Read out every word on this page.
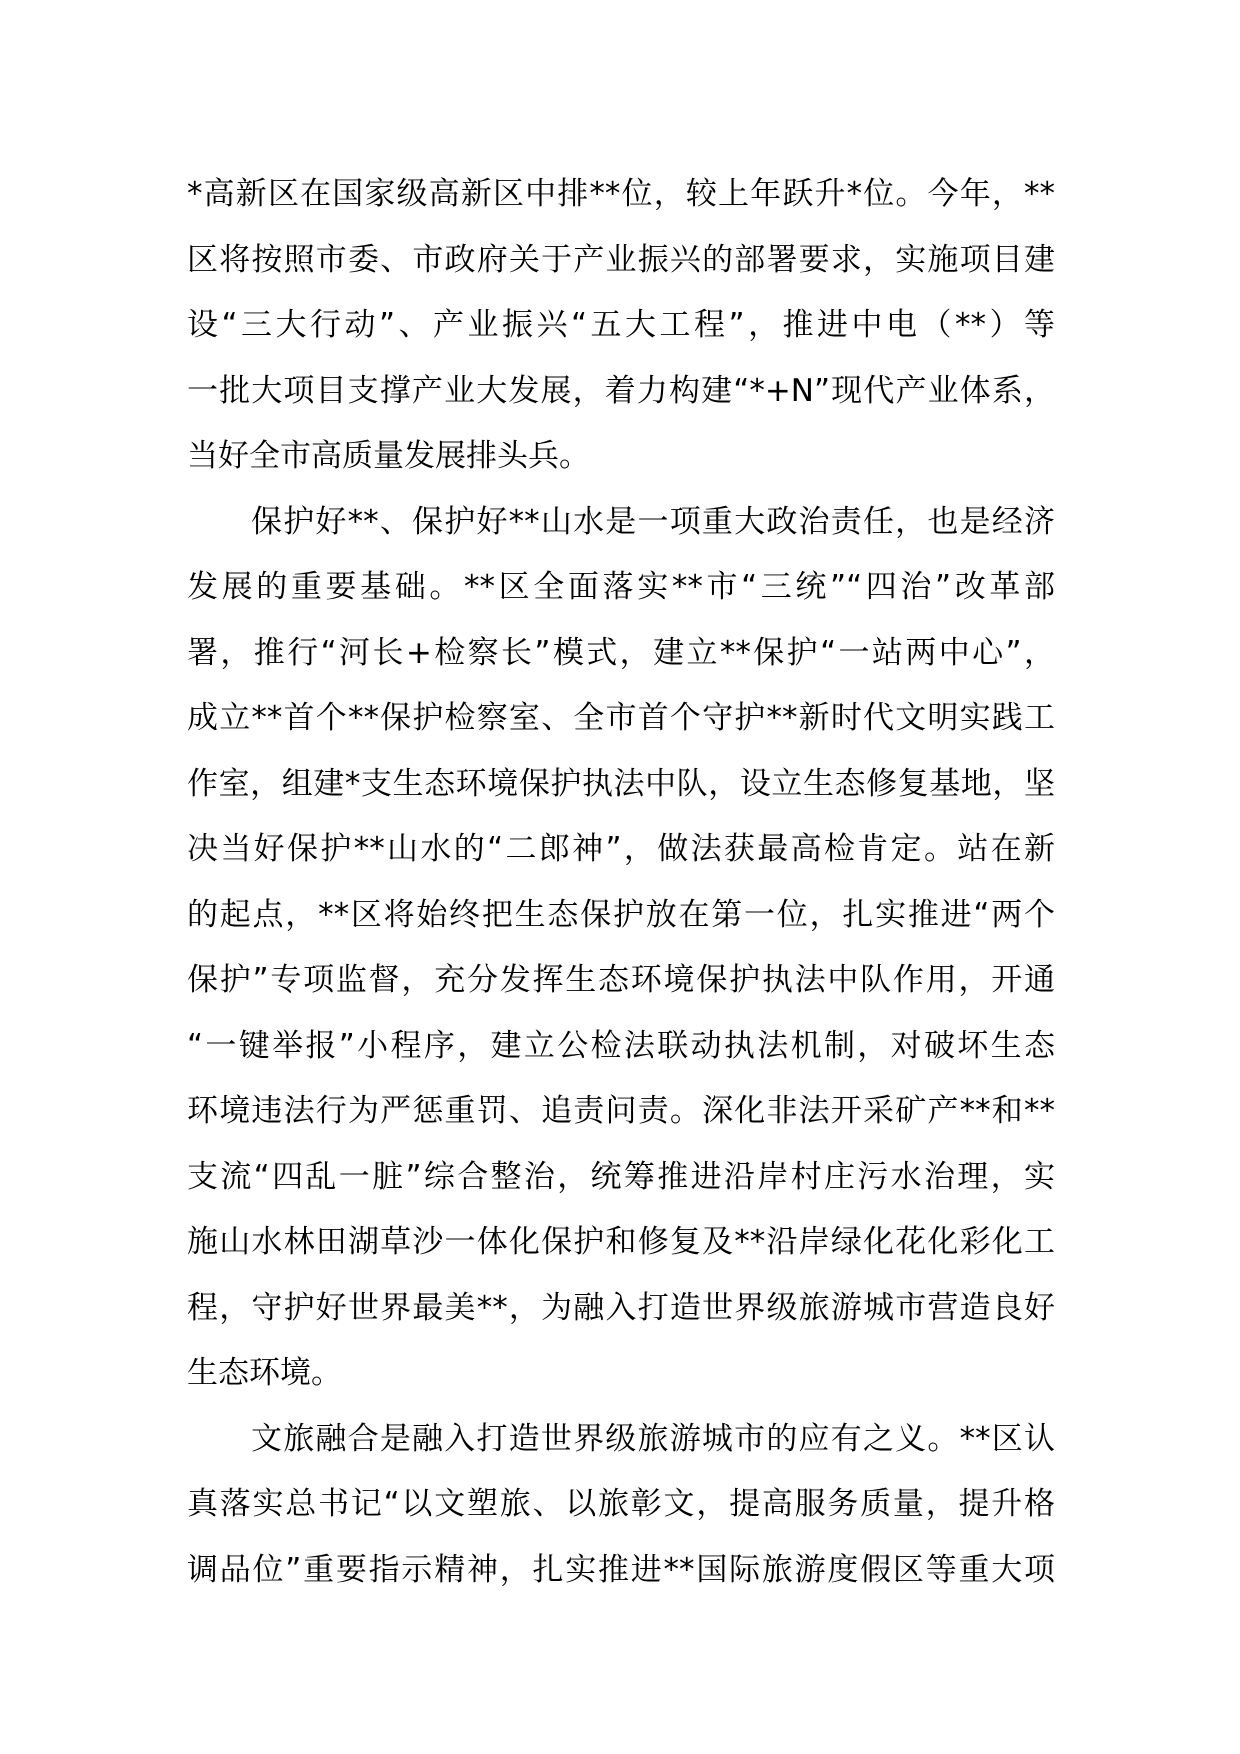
*高新区在国家级高新区中排**位，较上年跃升*位。今年，**
区将按照市委、市政府关于产业振兴的部署要求，实施项目建
设“三大行动”、产业振兴“五大工程”，推进中电（**）等
一批大项目支撑产业大发展，着力构建“*+N”现代产业体系，
当好全市高质量发展排头兵。
保护好**、保护好**山水是一项重大政治责任，也是经济
发展的重要基础。**区全面落实**市“三统”“四治”改革部
署，推行“河长+检察长”模式，建立**保护“一站两中心”，
成立**首个**保护检察室、全市首个守护**新时代文明实践工
作室，组建*支生态环境保护执法中队，设立生态修复基地，坚
决当好保护**山水的“二郎神”，做法获最高检肯定。站在新
的起点，**区将始终把生态保护放在第一位，扎实推进“两个
保护”专项监督，充分发挥生态环境保护执法中队作用，开通
“一键举报”小程序，建立公检法联动执法机制，对破坏生态
环境违法行为严惩重罚、追责问责。深化非法开采矿产**和**
支流“四乱一脏”综合整治，统筹推进沿岸村庄污水治理，实
施山水林田湖草沙一体化保护和修复及**沿岸绿化花化彩化工
程，守护好世界最美**，为融入打造世界级旅游城市营造良好
生态环境。
文旅融合是融入打造世界级旅游城市的应有之义。**区认
真落实总书记“以文塑旅、以旅彰文，提高服务质量，提升格
调品位”重要指示精神，扎实推进**国际旅游度假区等重大项
